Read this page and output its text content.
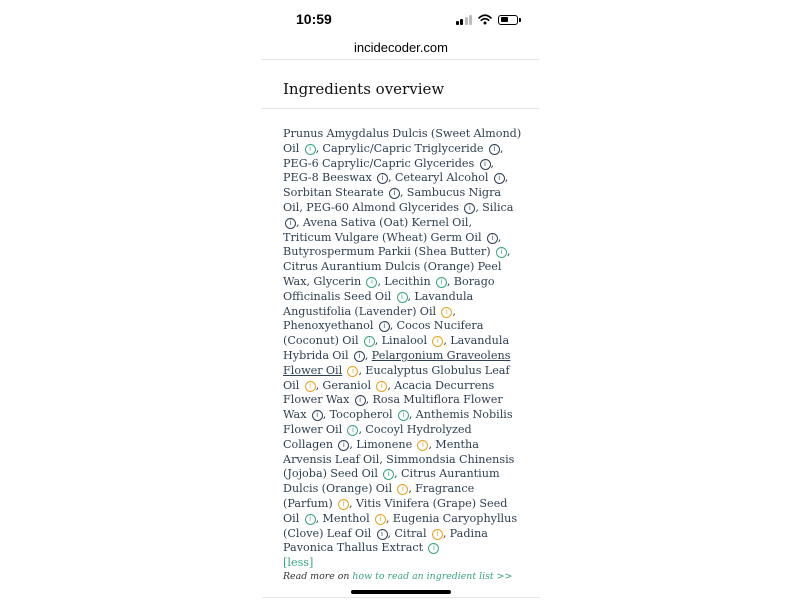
10:59
incidecoder.com
Ingredients overview
Prunus Amygdalus Dulcis (Sweet Almond) Oil i , Caprylic/Capric Triglyceride i , PEG-6 Caprylic/Capric Glycerides i , PEG-8 Beeswax i , Cetearyl Alcohol i , Sorbitan Stearate i , Sambucus Nigra Oil, PEG-60 Almond Glycerides i , Silica i , Avena Sativa (Oat) Kernel Oil, Triticum Vulgare (Wheat) Germ Oil i , Butyrospermum Parkii (Shea Butter) i , Citrus Aurantium Dulcis (Orange) Peel Wax, Glycerin i , Lecithin i , Borago Officinalis Seed Oil i , Lavandula Angustifolia (Lavender) Oil i , Phenoxyethanol i , Cocos Nucifera (Coconut) Oil i , Linalool i , Lavandula Hybrida Oil i , Pelargonium Graveolens Flower Oil i , Eucalyptus Globulus Leaf Oil i , Geraniol i , Acacia Decurrens Flower Wax i , Rosa Multiflora Flower Wax i , Tocopherol i , Anthemis Nobilis Flower Oil i , Cocoyl Hydrolyzed Collagen i , Limonene i , Mentha Arvensis Leaf Oil, Simmondsia Chinensis (Jojoba) Seed Oil i , Citrus Aurantium Dulcis (Orange) Oil i , Fragrance (Parfum) i , Vitis Vinifera (Grape) Seed Oil i , Menthol i , Eugenia Caryophyllus (Clove) Leaf Oil i , Citral i , Padina Pavonica Thallus Extract i
[less]
Read more on how to read an ingredient list >>
